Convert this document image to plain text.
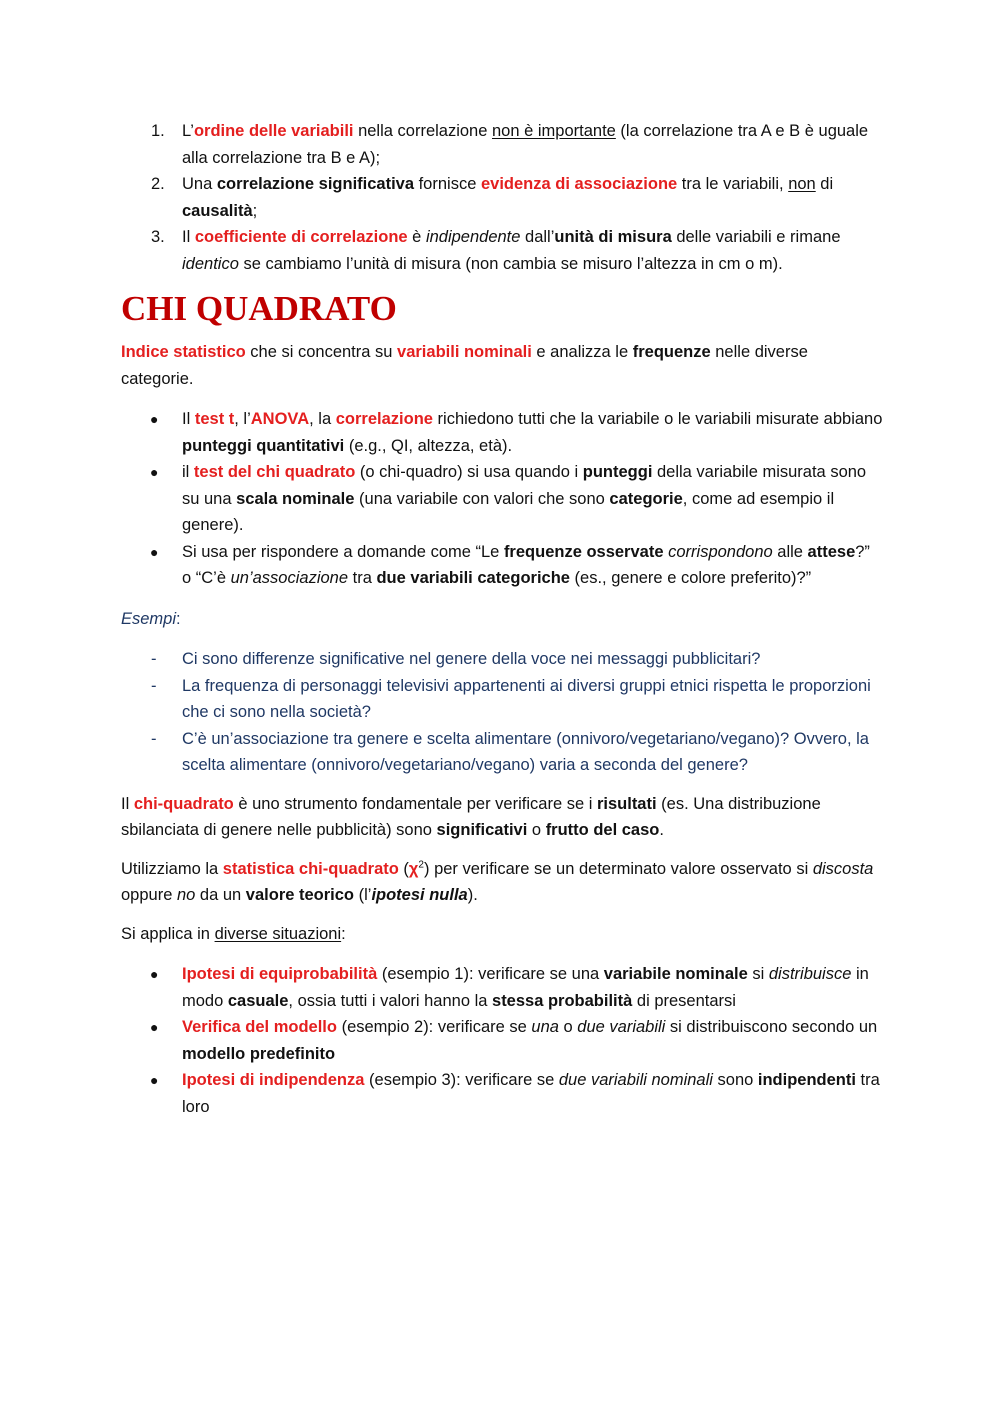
1.	L’ordine delle variabili nella correlazione non è importante (la correlazione tra A e B è uguale alla correlazione tra B e A);
2.	Una correlazione significativa fornisce evidenza di associazione tra le variabili, non di causalità;
3.	Il coefficiente di correlazione è indipendente dall’unità di misura delle variabili e rimane identico se cambiamo l’unità di misura (non cambia se misuro l’altezza in cm o m).
CHI QUADRATO

Indice statistico che si concentra su variabili nominali e analizza le frequenze nelle diverse categorie.

● Il test t, l’ANOVA, la correlazione richiedono tutti che la variabile o le variabili misurate abbiano punteggi quantitativi (e.g., QI, altezza, età).
● il test del chi quadrato (o chi-quadro) si usa quando i punteggi della variabile misurata sono su una scala nominale (una variabile con valori che sono categorie, come ad esempio il genere).
● Si usa per rispondere a domande come “Le frequenze osservate corrispondono alle attese?” o “C’è un’associazione tra due variabili categoriche (es., genere e colore preferito)?”

Esempi:

- Ci sono differenze significative nel genere della voce nei messaggi pubblicitari?
- La frequenza di personaggi televisivi appartenenti ai diversi gruppi etnici rispetta le proporzioni che ci sono nella società?
- C’è un’associazione tra genere e scelta alimentare (onnivoro/vegetariano/vegano)? Ovvero, la scelta alimentare (onnivoro/vegetariano/vegano) varia a seconda del genere?

Il chi-quadrato è uno strumento fondamentale per verificare se i risultati (es. Una distribuzione sbilanciata di genere nelle pubblicità) sono significativi o frutto del caso.

Utilizziamo la statistica chi-quadrato $(\chi^2)$ per verificare se un determinato valore osservato si discosta oppure no da un valore teorico (l’ipotesi nulla).

Si applica in diverse situazioni:

● Ipotesi di equiprobabilità (esempio 1): verificare se una variabile nominale si distribuisce in modo casuale, ossia tutti i valori hanno la stessa probabilità di presentarsi
● Verifica del modello (esempio 2): verificare se una o due variabili si distribuiscono secondo un modello predefinito
● Ipotesi di indipendenza (esempio 3): verificare se due variabili nominali sono indipendenti tra loro
